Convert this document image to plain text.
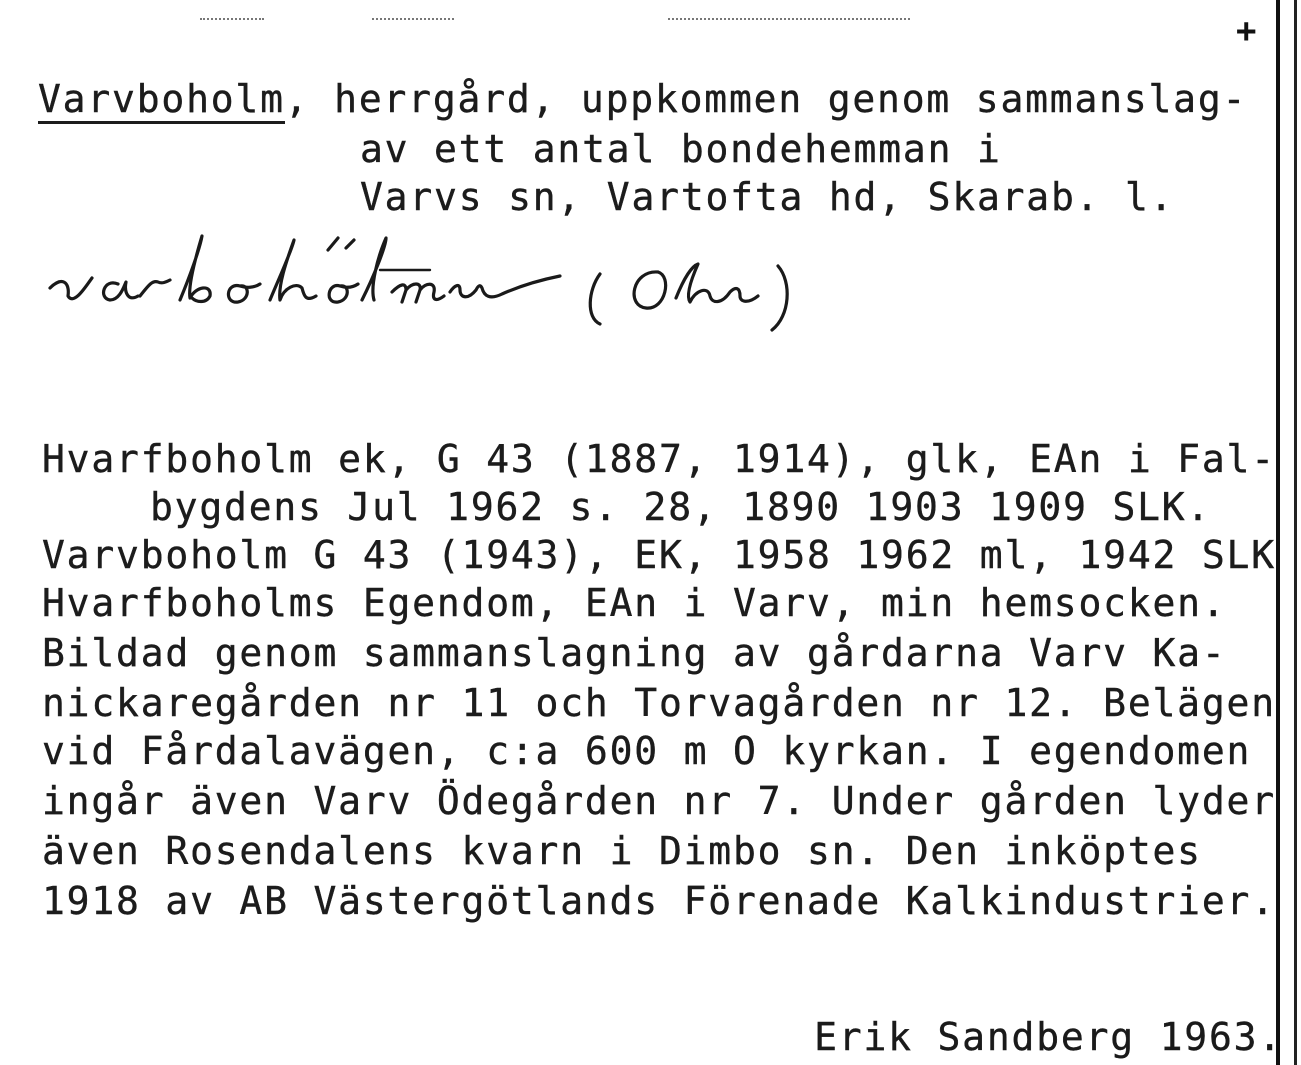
+
Varvboholm, herrgård, uppkommen genom sammanslag-
av ett antal bondehemman i
Varvs sn, Vartofta hd, Skarab. l.
Hvarfboholm ek, G 43 (1887, 1914), glk, EAn i Fal-
bygdens Jul 1962 s. 28, 1890 1903 1909 SLK.
Varvboholm G 43 (1943), EK, 1958 1962 ml, 1942 SLK
Hvarfboholms Egendom, EAn i Varv, min hemsocken.
Bildad genom sammanslagning av gårdarna Varv Ka-
nickaregården nr 11 och Torvagården nr 12. Belägen
vid Fårdalavägen, c:a 600 m O kyrkan. I egendomen
ingår även Varv Ödegården nr 7. Under gården lyder
även Rosendalens kvarn i Dimbo sn. Den inköptes
1918 av AB Västergötlands Förenade Kalkindustrier.
Erik Sandberg 1963.
